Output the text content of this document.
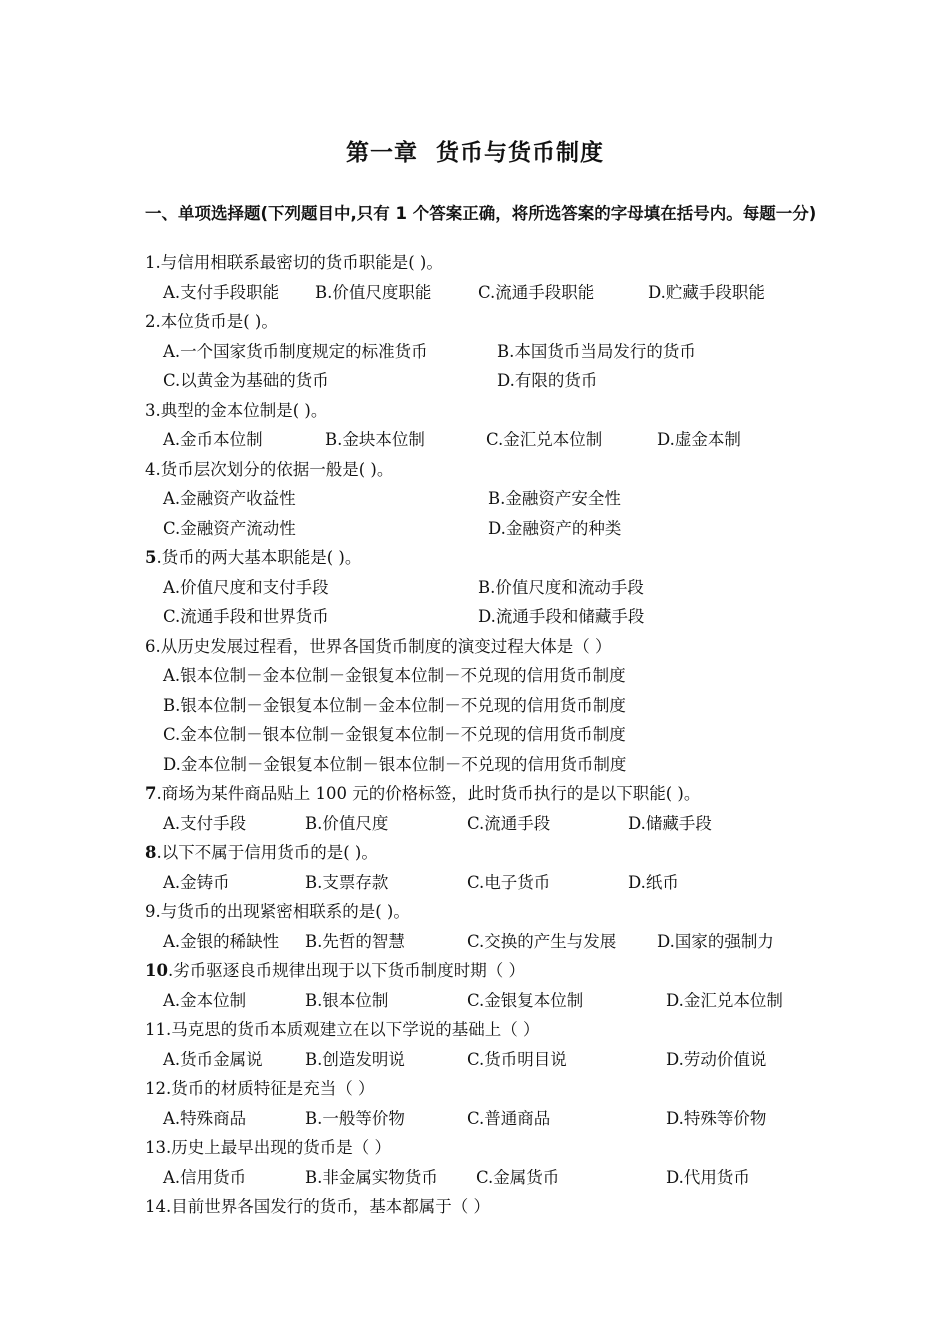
第一章  货币与货币制度
一、单项选择题(下列题目中,只有 1 个答案正确，将所选答案的字母填在括号内。每题一分)
1.与信用相联系最密切的货币职能是( )。
A.支付手段职能 B.价值尺度职能	C.流通手段职能	D.贮藏手段职能
2.本位货币是( )。
A.一个国家货币制度规定的标准货币	B.本国货币当局发行的货币
C.以黄金为基础的货币	D.有限的货币
3.典型的金本位制是( )。
A.金币本位制	B.金块本位制	C.金汇兑本位制	D.虚金本制
4.货币层次划分的依据一般是( )。
A.金融资产收益性	B.金融资产安全性
C.金融资产流动性	D.金融资产的种类
5.货币的两大基本职能是( )。
A.价值尺度和支付手段	B.价值尺度和流动手段
C.流通手段和世界货币	D.流通手段和储藏手段
6.从历史发展过程看，世界各国货币制度的演变过程大体是（ ）
A.银本位制－金本位制－金银复本位制－不兑现的信用货币制度
B.银本位制－金银复本位制－金本位制－不兑现的信用货币制度
C.金本位制－银本位制－金银复本位制－不兑现的信用货币制度
D.金本位制－金银复本位制－银本位制－不兑现的信用货币制度
7.商场为某件商品贴上 100 元的价格标签，此时货币执行的是以下职能( )。
A.支付手段	B.价值尺度	C.流通手段	D.储藏手段
8.以下不属于信用货币的是( )。
A.金铸币	B.支票存款	C.电子货币	D.纸币
9.与货币的出现紧密相联系的是( )。
A.金银的稀缺性 B.先哲的智慧	C.交换的产生与发展 D.国家的强制力
10.劣币驱逐良币规律出现于以下货币制度时期（ ）
A.金本位制	B.银本位制	C.金银复本位制	D.金汇兑本位制
11.马克思的货币本质观建立在以下学说的基础上（ ）
A.货币金属说	B.创造发明说	C.货币明目说	D.劳动价值说
12.货币的材质特征是充当（ ）
A.特殊商品	B.一般等价物	C.普通商品	D.特殊等价物
13.历史上最早出现的货币是（ ）
A.信用货币	B.非金属实物货币 C.金属货币	D.代用货币
14.目前世界各国发行的货币，基本都属于（ ）
